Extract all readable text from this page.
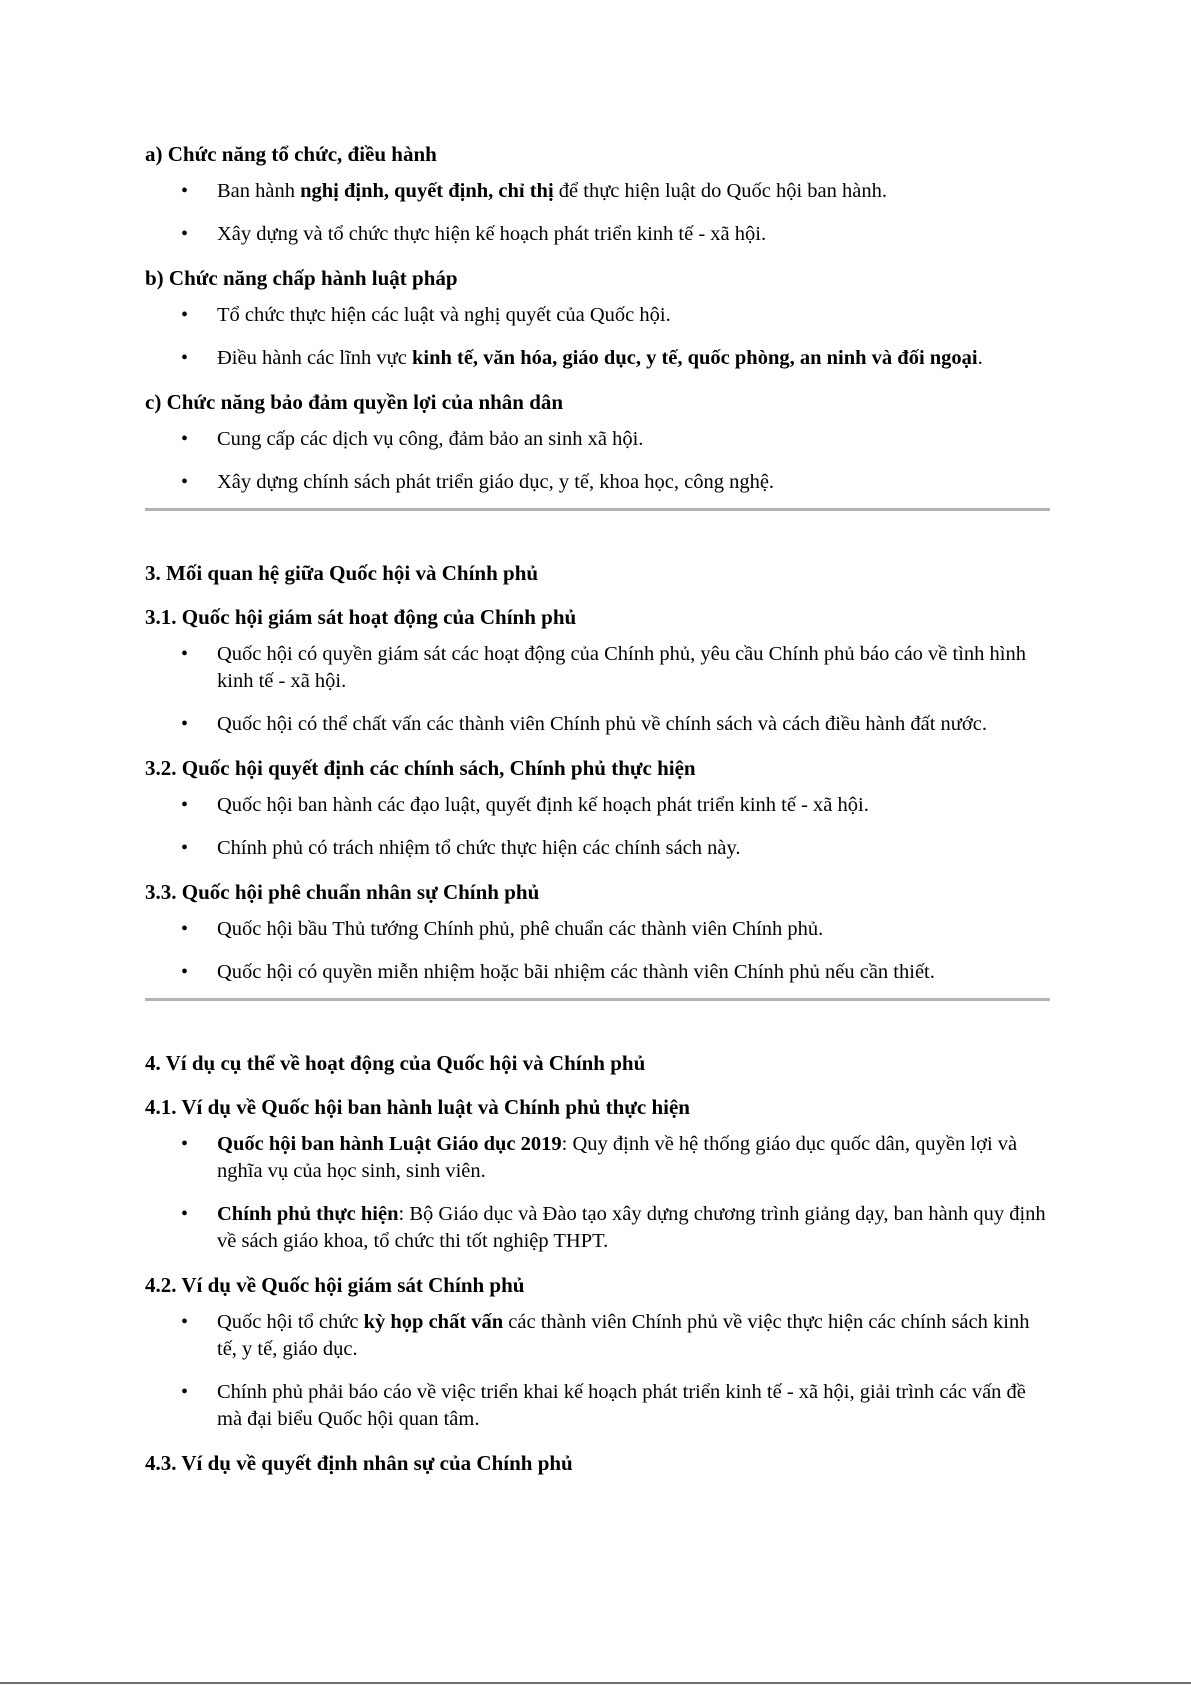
a) Chức năng tổ chức, điều hành

• Ban hành nghị định, quyết định, chỉ thị để thực hiện luật do Quốc hội ban hành.
• Xây dựng và tổ chức thực hiện kế hoạch phát triển kinh tế - xã hội.

b) Chức năng chấp hành luật pháp

• Tổ chức thực hiện các luật và nghị quyết của Quốc hội.
• Điều hành các lĩnh vực kinh tế, văn hóa, giáo dục, y tế, quốc phòng, an ninh và đối ngoại.

c) Chức năng bảo đảm quyền lợi của nhân dân

• Cung cấp các dịch vụ công, đảm bảo an sinh xã hội.
• Xây dựng chính sách phát triển giáo dục, y tế, khoa học, công nghệ.

3. Mối quan hệ giữa Quốc hội và Chính phủ

3.1. Quốc hội giám sát hoạt động của Chính phủ

• Quốc hội có quyền giám sát các hoạt động của Chính phủ, yêu cầu Chính phủ báo cáo về tình hình kinh tế - xã hội.
• Quốc hội có thể chất vấn các thành viên Chính phủ về chính sách và cách điều hành đất nước.

3.2. Quốc hội quyết định các chính sách, Chính phủ thực hiện

• Quốc hội ban hành các đạo luật, quyết định kế hoạch phát triển kinh tế - xã hội.
• Chính phủ có trách nhiệm tổ chức thực hiện các chính sách này.

3.3. Quốc hội phê chuẩn nhân sự Chính phủ

• Quốc hội bầu Thủ tướng Chính phủ, phê chuẩn các thành viên Chính phủ.
• Quốc hội có quyền miễn nhiệm hoặc bãi nhiệm các thành viên Chính phủ nếu cần thiết.

4. Ví dụ cụ thể về hoạt động của Quốc hội và Chính phủ

4.1. Ví dụ về Quốc hội ban hành luật và Chính phủ thực hiện

• Quốc hội ban hành Luật Giáo dục 2019: Quy định về hệ thống giáo dục quốc dân, quyền lợi và nghĩa vụ của học sinh, sinh viên.
• Chính phủ thực hiện: Bộ Giáo dục và Đào tạo xây dựng chương trình giảng dạy, ban hành quy định về sách giáo khoa, tổ chức thi tốt nghiệp THPT.

4.2. Ví dụ về Quốc hội giám sát Chính phủ

• Quốc hội tổ chức kỳ họp chất vấn các thành viên Chính phủ về việc thực hiện các chính sách kinh tế, y tế, giáo dục.
• Chính phủ phải báo cáo về việc triển khai kế hoạch phát triển kinh tế - xã hội, giải trình các vấn đề mà đại biểu Quốc hội quan tâm.

4.3. Ví dụ về quyết định nhân sự của Chính phủ
